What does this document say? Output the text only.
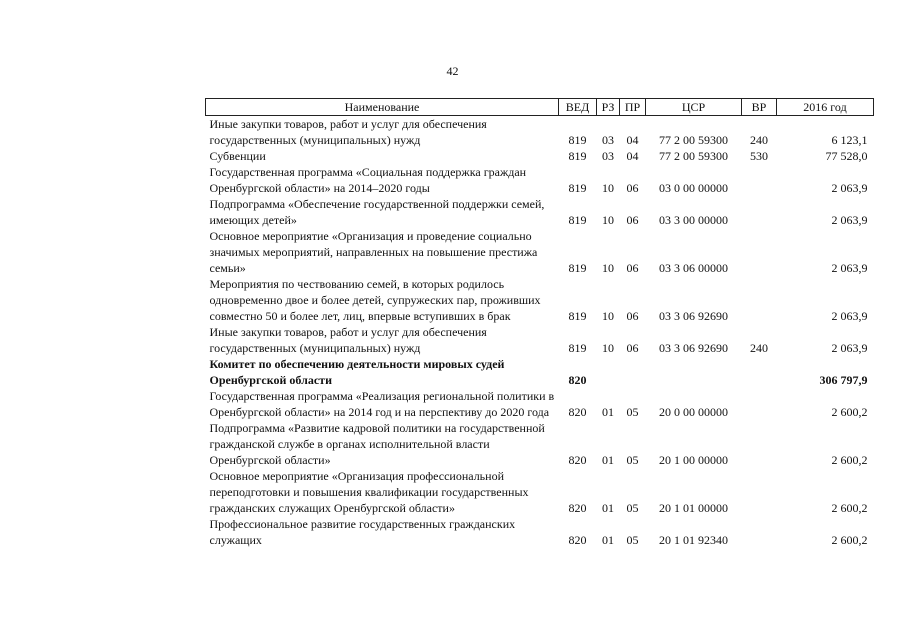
42
Наименование	ВЕД	РЗ	ПР	ЦСР	ВР	2016 год
Иные закупки товаров, работ и услуг для обеспечения государственных (муниципальных) нужд	819	03	04	77 2 00 59300	240	6 123,1
Субвенции	819	03	04	77 2 00 59300	530	77 528,0
Государственная программа «Социальная поддержка граждан Оренбургской области» на 2014–2020 годы	819	10	06	03 0 00 00000		2 063,9
Подпрограмма «Обеспечение государственной поддержки семей, имеющих детей»	819	10	06	03 3 00 00000		2 063,9
Основное мероприятие «Организация и проведение социально значимых мероприятий, направленных на повышение престижа семьи»	819	10	06	03 3 06 00000		2 063,9
Мероприятия по чествованию семей, в которых родилось одновременно двое и более детей, супружеских пар, проживших совместно 50 и более лет, лиц, впервые вступивших в брак	819	10	06	03 3 06 92690		2 063,9
Иные закупки товаров, работ и услуг для обеспечения государственных (муниципальных) нужд	819	10	06	03 3 06 92690	240	2 063,9
Комитет по обеспечению деятельности мировых судей Оренбургской области	820					306 797,9
Государственная программа «Реализация региональной политики в Оренбургской области» на 2014 год и на перспективу до 2020 года	820	01	05	20 0 00 00000		2 600,2
Подпрограмма «Развитие кадровой политики на государственной гражданской службе в органах исполнительной власти Оренбургской области»	820	01	05	20 1 00 00000		2 600,2
Основное мероприятие «Организация профессиональной переподготовки и повышения квалификации государственных гражданских служащих Оренбургской области»	820	01	05	20 1 01 00000		2 600,2
Профессиональное развитие государственных гражданских служащих	820	01	05	20 1 01 92340		2 600,2
